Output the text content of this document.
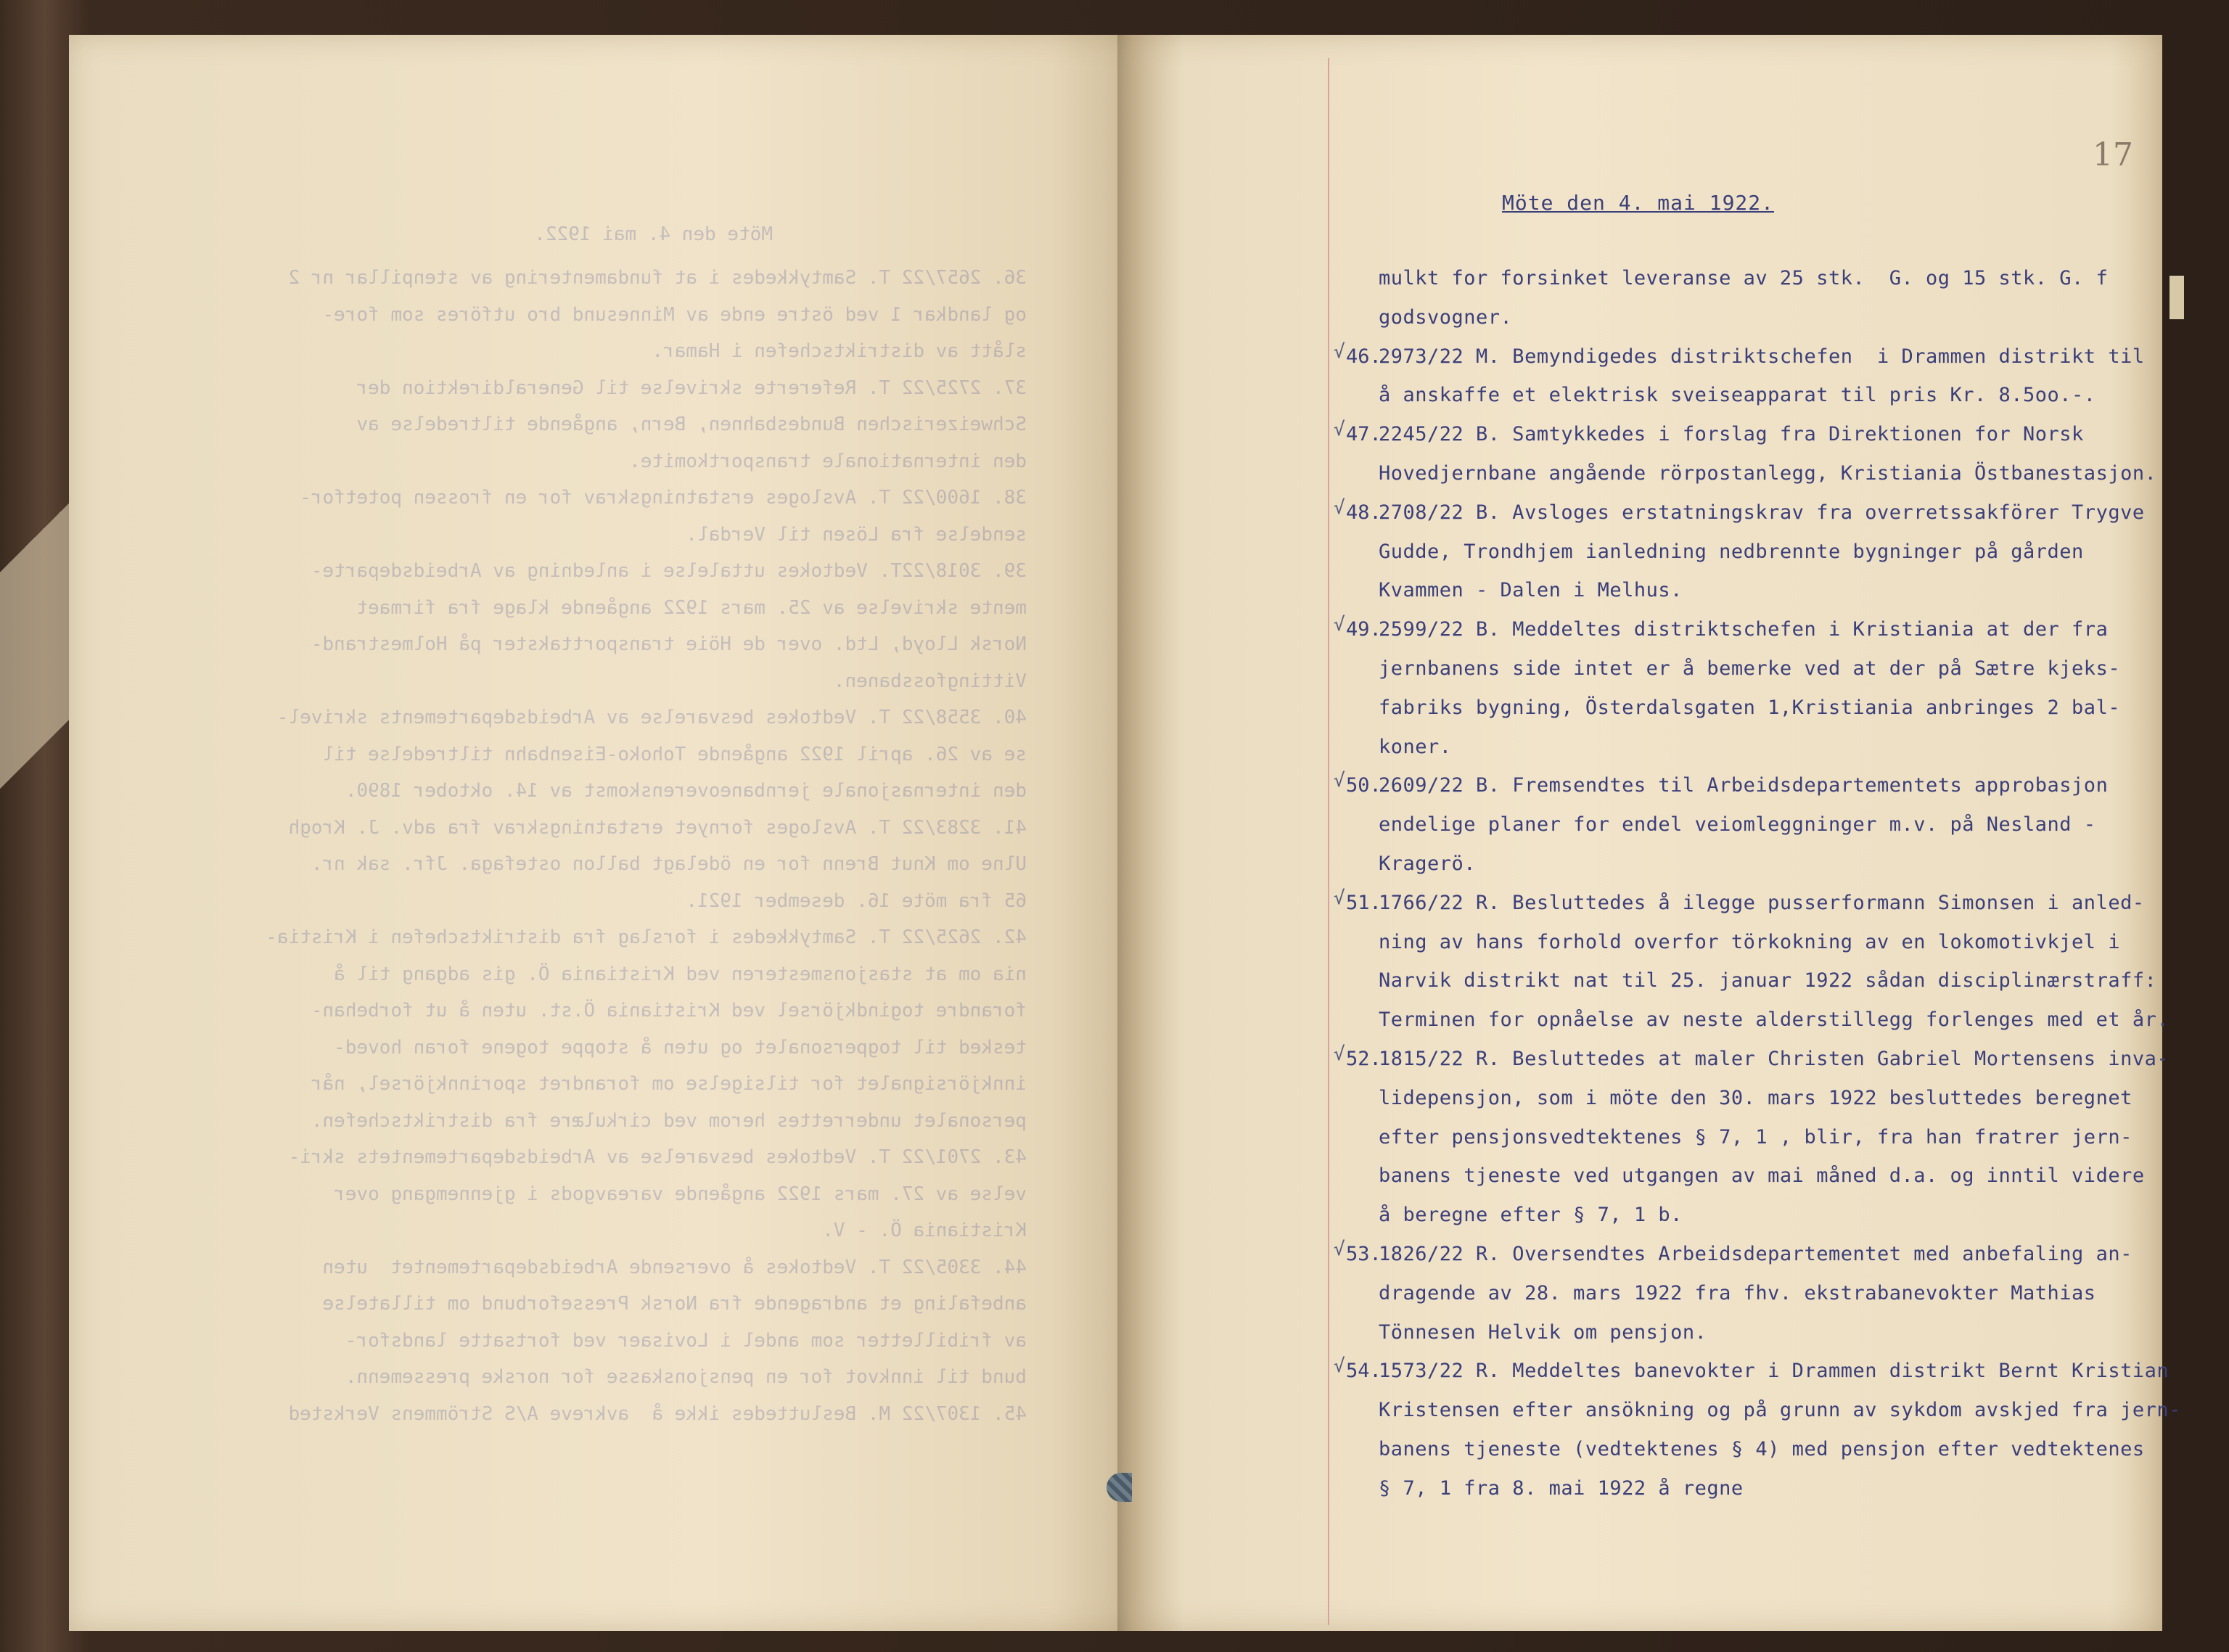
Möte den 4. mai 1922.
36. 2657/22 T. Samtykkedes i at fundamentering av stenpillar nr 2
og landkar 1 ved östre ende av Minnesund bro utföres som fore-
slått av distriktschefen i Hamar.
37. 2725/22 T. Refererte skrivelse til Generaldirektion der
Schweizerischen Bundesbahnen, Bern, angående tiltredelse av
den internationale transportkomite.
38. 1600/22 T. Avsloges erstatningskrav for en frossen potetfor-
sendelse fra Lösen til Verdal.
39. 3018/22T. Vedtokes uttalelse i anledning av Arbeidsdeparte-
mente skrivelse av 25. mars 1922 angående klage fra firmaet
Norsk Lloyd, Ltd. over de Höie transporttakster på Holmestrand-
Vittingfossbanen.
40. 3558/22 T. Vedtokes besvarelse av Arbeidsdepartements skrivel-
se av 26. april 1922 angående Tohoko-Eisenbahn tiltredelse til
den internasjonale jernbaneoverenskomst av 14. oktober 1890.
41. 3283/22 T. Avsloges fornyet erstatningskrav fra adv. J. Krogh
Ulne om Knut Brenn for en ödelagt ballon ostefaga. Jfr. sak nr.
65 fra möte 16. desember 1921.
42. 2625/22 T. Samtykkedes i forslag fra distriktschefen i Kristia-
nia om at stasjonsmesteren ved Kristiania Ö. gis adgang til å
forandre togindkjörsel ved Kristiania Ö.st. uten å ut forbehan-
tesked til togpersonalet og uten å stoppe togene foran hoved-
innkjörsignalet for tilsigelse om forandret sporinnkjörsel, når
personalet underrettes herom ved cirkulære fra distriktschefen.
43. 2701/22 T. Vedtokes besvarelse av Arbeidsdepartementets skri-
velse av 27. mars 1922 angående vareavgods i gjennemgang over
Kristiania Ö. - V.
44. 3305/22 T. Vedtokes å oversende Arbeidsdepartementet  uten
anbefaling et andragende fra Norsk Presseforbund om tillatelse
av fribilletter som andel i Lovisaer ved fortsatte landsfor-
bund til innkvot for en pensjonskasse for norske pressemenn.
45. 1307/22 M. Besluttedes ikke å  avkreve A/S Strömmens Verksted
17
Möte den 4. mai 1922.
mulkt for forsinket leveranse av 25 stk.  G. og 15 stk. G. f
godsvogner.
2973/22 M. Bemyndigedes distriktschefen  i Drammen distrikt til
√
å anskaffe et elektrisk sveiseapparat til pris Kr. 8.5oo.-.
2245/22 B. Samtykkedes i forslag fra Direktionen for Norsk
√
Hovedjernbane angående rörpostanlegg, Kristiania Östbanestasjon.
2708/22 B. Avsloges erstatningskrav fra overretssakförer Trygve
√
Gudde, Trondhjem ianledning nedbrennte bygninger på gården
Kvammen - Dalen i Melhus.
2599/22 B. Meddeltes distriktschefen i Kristiania at der fra
√
jernbanens side intet er å bemerke ved at der på Sætre kjeks-
fabriks bygning, Österdalsgaten 1,Kristiania anbringes 2 bal-
koner.
2609/22 B. Fremsendtes til Arbeidsdepartementets approbasjon
√
endelige planer for endel veiomleggninger m.v. på Nesland -
Kragerö.
1766/22 R. Besluttedes å ilegge pusserformann Simonsen i anled-
√
ning av hans forhold overfor törkokning av en lokomotivkjel i
Narvik distrikt nat til 25. januar 1922 sådan disciplinærstraff:
Terminen for opnåelse av neste alderstillegg forlenges med et år.
1815/22 R. Besluttedes at maler Christen Gabriel Mortensens inva-
√
lidepensjon, som i möte den 30. mars 1922 besluttedes beregnet
efter pensjonsvedtektenes § 7, 1 , blir, fra han fratrer jern-
banens tjeneste ved utgangen av mai måned d.a. og inntil videre
å beregne efter § 7, 1 b.
1826/22 R. Oversendtes Arbeidsdepartementet med anbefaling an-
√
dragende av 28. mars 1922 fra fhv. ekstrabanevokter Mathias
Tönnesen Helvik om pensjon.
1573/22 R. Meddeltes banevokter i Drammen distrikt Bernt Kristian
√
Kristensen efter ansökning og på grunn av sykdom avskjed fra jern-
banens tjeneste (vedtektenes § 4) med pensjon efter vedtektenes
§ 7, 1 fra 8. mai 1922 å regne
46.
47.
48.
49.
50.
51.
52.
53.
54.
